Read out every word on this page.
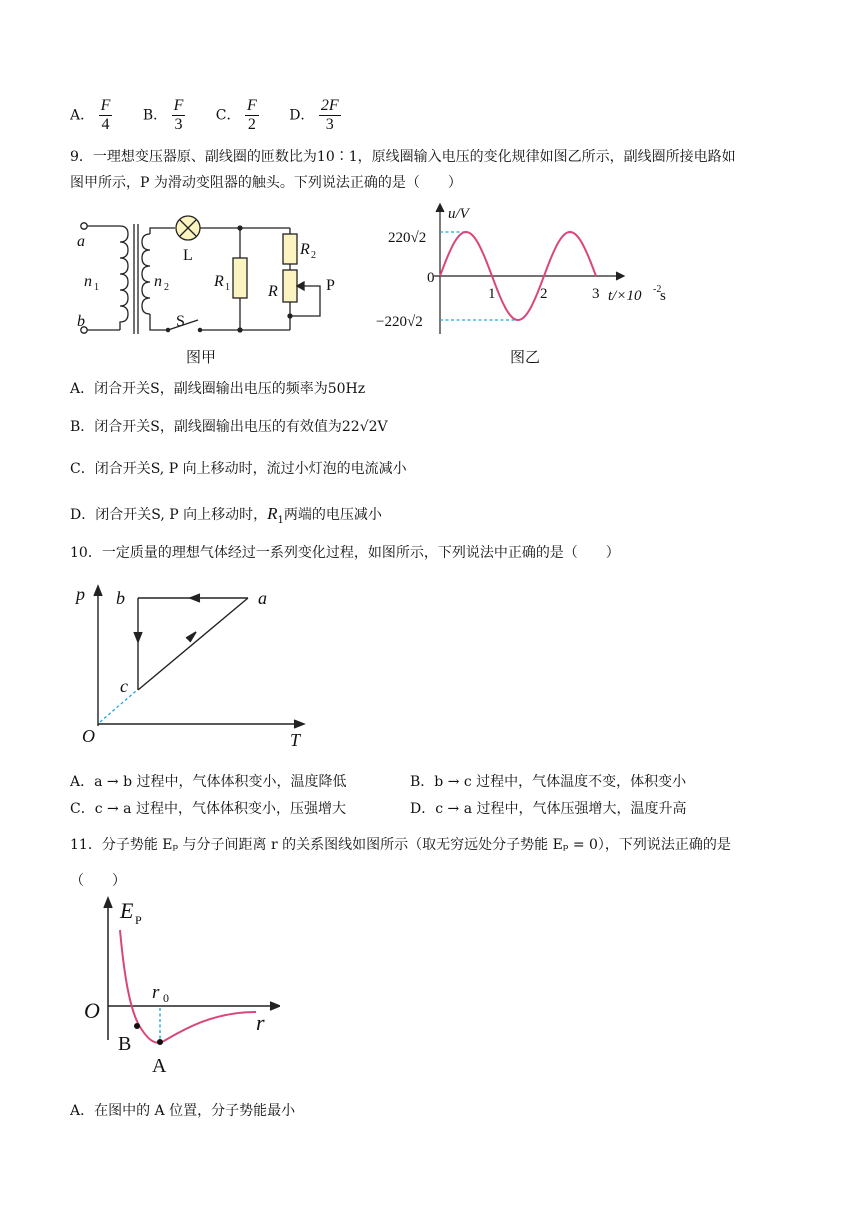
A． $\frac{F}{4}$ B． $\frac{F}{3}$ C． $\frac{F}{2}$ D． $\frac{2F}{3}$
9．一理想变压器原、副线圈的匝数比为10∶1，原线圈输入电压的变化规律如图乙所示，副线圈所接电路如
图甲所示，P 为滑动变阻器的触头。下列说法正确的是（　　）
a
b
n 1	n 2
L
R 1
R 2
R	P
S
图甲
220√2
−220√2
0
u/V
t/×10 -2
s
1	2	3
图乙
A．闭合开关S，副线圈输出电压的频率为50Hz
B．闭合开关S，副线圈输出电压的有效值为22√2V
C．闭合开关S, P 向上移动时，流过小灯泡的电流减小
D．闭合开关S, P 向上移动时，$R_1$两端的电压减小
10．一定质量的理想气体经过一系列变化过程，如图所示，下列说法中正确的是（　　）
p
T
O
a
b
c
A．a → b 过程中，气体体积变小，温度降低	B．b → c 过程中，气体温度不变，体积变小
C．c → a 过程中，气体体积变小，压强增大	D．c → a 过程中，气体压强增大，温度升高
11．分子势能 Eₚ 与分子间距离 r 的关系图线如图所示（取无穷远处分子势能 Eₚ = 0），下列说法正确的是
（　　）
E P
O
r 0
r
B
A
A．在图中的 A 位置，分子势能最小
